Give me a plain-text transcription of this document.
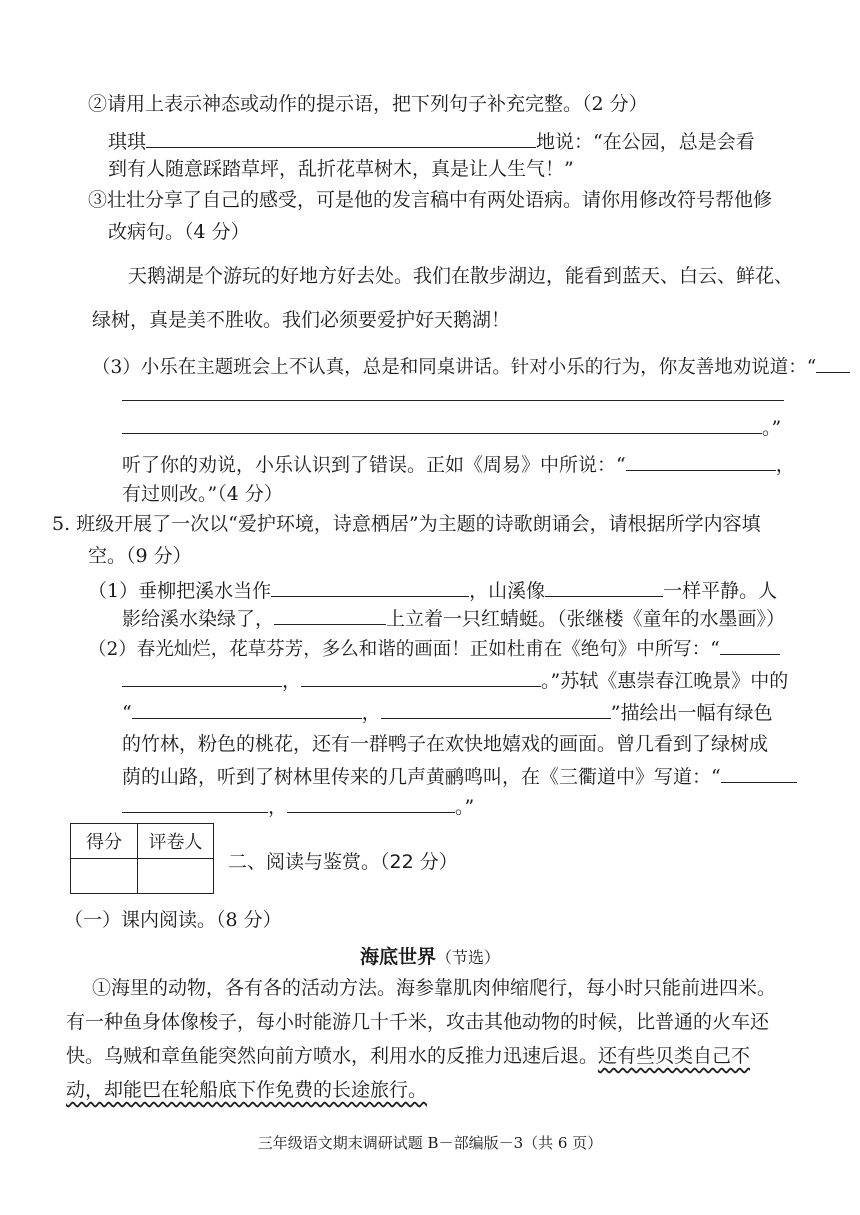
②请用上表示神态或动作的提示语，把下列句子补充完整。（2 分）
琪琪	地说：“在公园，总是会看
到有人随意踩踏草坪，乱折花草树木，真是让人生气！”
③壮壮分享了自己的感受，可是他的发言稿中有两处语病。请你用修改符号帮他修
改病句。（4 分）
天鹅湖是个游玩的好地方好去处。我们在散步湖边，能看到蓝天、白云、鲜花、
绿树，真是美不胜收。我们必须要爱护好天鹅湖！
（3）小乐在主题班会上不认真，总是和同桌讲话。针对小乐的行为，你友善地劝说道：“
。”
听了你的劝说，小乐认识到了错误。正如《周易》中所说：“	，
有过则改。”（4 分）
5. 班级开展了一次以“爱护环境，诗意栖居”为主题的诗歌朗诵会，请根据所学内容填
空。（9 分）
（1）垂柳把溪水当作	，山溪像	一样平静。人
影给溪水染绿了，	上立着一只红蜻蜓。（张继楼《童年的水墨画》）
（2）春光灿烂，花草芬芳，多么和谐的画面！正如杜甫在《绝句》中所写：“
，	。”苏轼《惠崇春江晚景》中的
“	，	”描绘出一幅有绿色
的竹林，粉色的桃花，还有一群鸭子在欢快地嬉戏的画面。曾几看到了绿树成
荫的山路，听到了树林里传来的几声黄鹂鸣叫，在《三衢道中》写道：“
，	。”
得分	评卷人

二、阅读与鉴赏。（22 分）
（一）课内阅读。（8 分）
海底世界（节选）
①海里的动物，各有各的活动方法。海参靠肌肉伸缩爬行，每小时只能前进四米。
有一种鱼身体像梭子，每小时能游几十千米，攻击其他动物的时候，比普通的火车还
快。乌贼和章鱼能突然向前方喷水，利用水的反推力迅速后退。还有些贝类自己不
动，却能巴在轮船底下作免费的长途旅行。
三年级语文期末调研试题 B－部编版－3（共 6 页）
